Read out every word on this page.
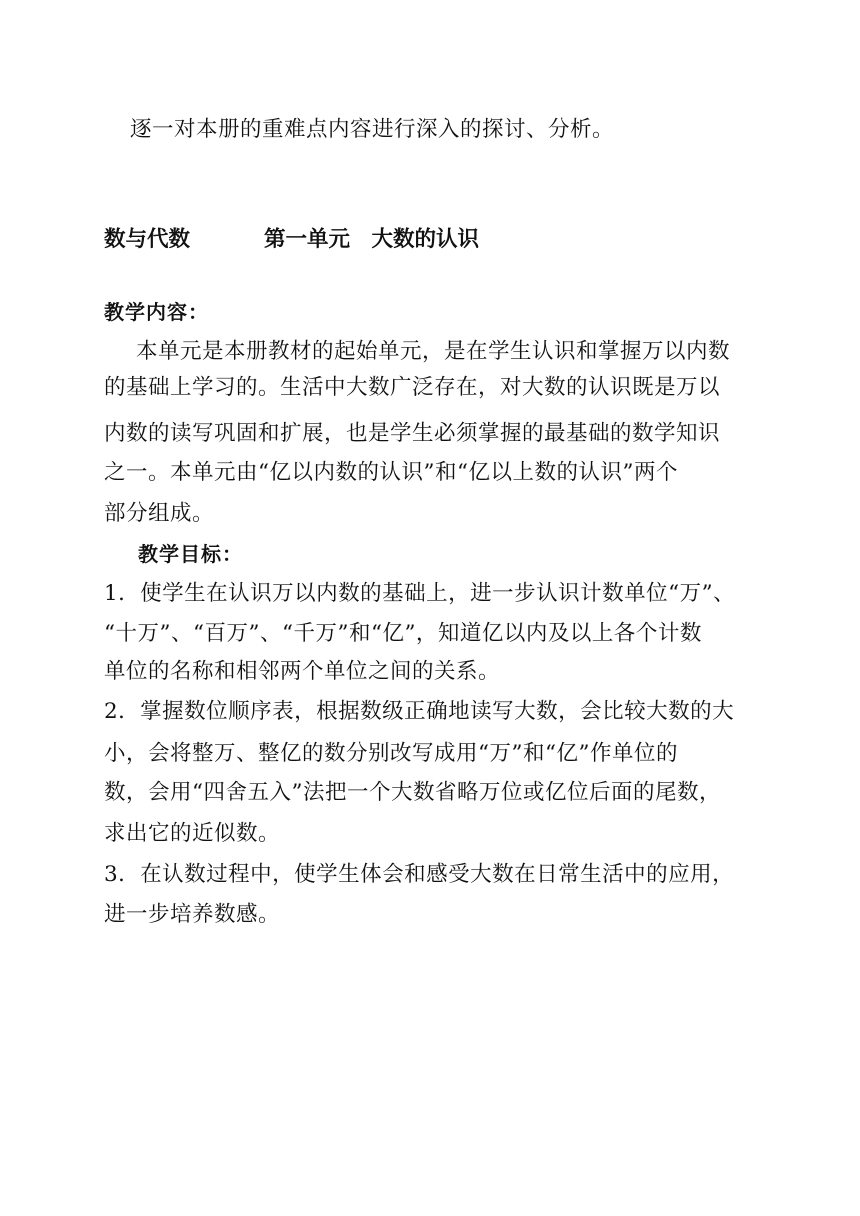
逐一对本册的重难点内容进行深入的探讨、分析。
数与代数	第一单元　大数的认识
教学内容：
本单元是本册教材的起始单元，是在学生认识和掌握万以内数
的基础上学习的。生活中大数广泛存在，对大数的认识既是万以
内数的读写巩固和扩展，也是学生必须掌握的最基础的数学知识
之一。本单元由“亿以内数的认识”和“亿以上数的认识”两个
部分组成。
教学目标：
1．使学生在认识万以内数的基础上，进一步认识计数单位“万”、
“十万”、“百万”、“千万”和“亿”，知道亿以内及以上各个计数
单位的名称和相邻两个单位之间的关系。
2．掌握数位顺序表，根据数级正确地读写大数，会比较大数的大
小，会将整万、整亿的数分别改写成用“万”和“亿”作单位的
数，会用“四舍五入”法把一个大数省略万位或亿位后面的尾数，
求出它的近似数。
3．在认数过程中，使学生体会和感受大数在日常生活中的应用，
进一步培养数感。
